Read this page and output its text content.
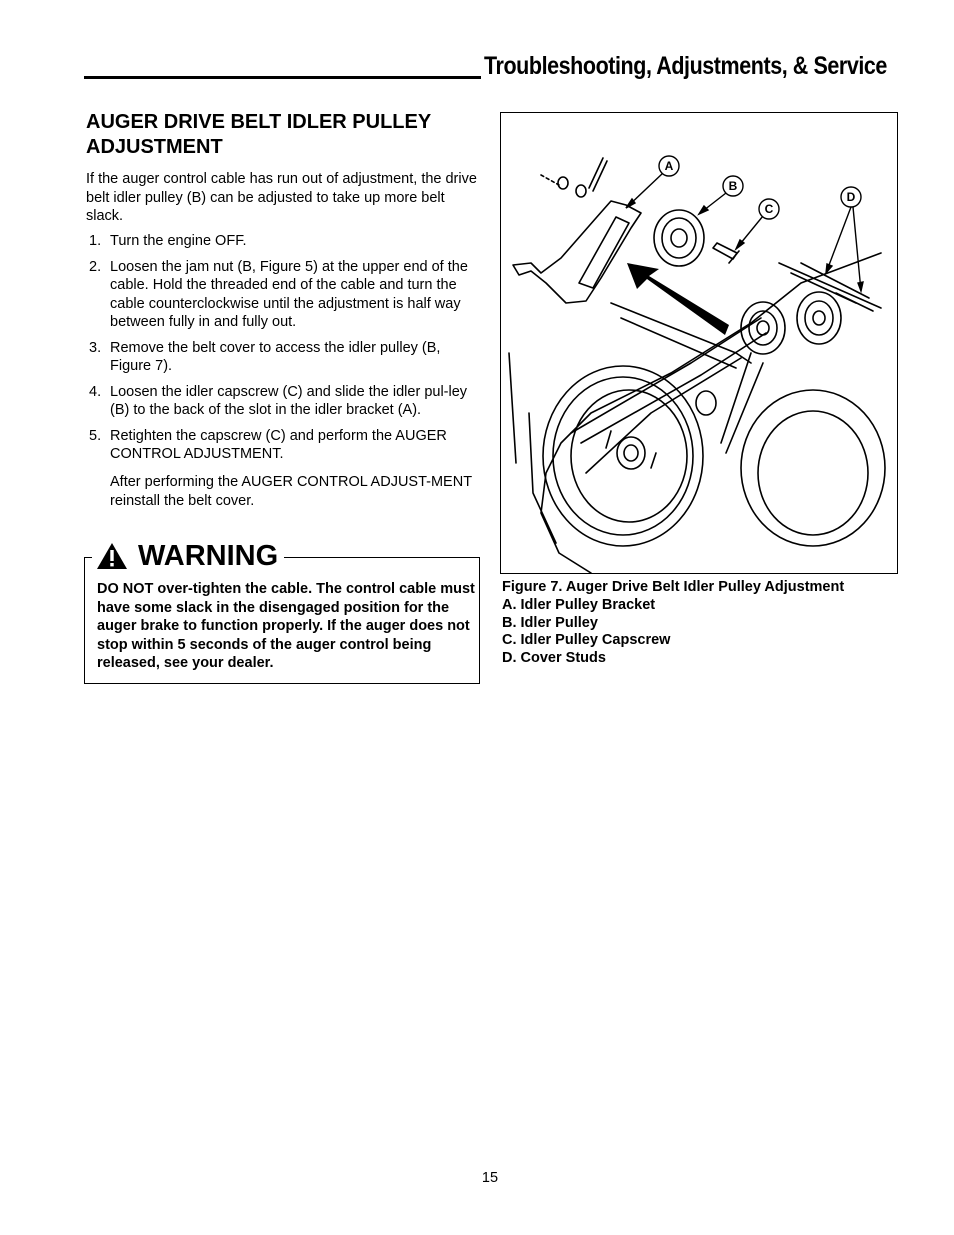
Troubleshooting, Adjustments, & Service
AUGER DRIVE BELT IDLER PULLEY ADJUSTMENT
If the auger control cable has run out of adjustment, the drive belt idler pulley (B) can be adjusted to take up more belt slack.
1. Turn the engine OFF.
2. Loosen the jam nut (B, Figure 5) at the upper end of the cable. Hold the threaded end of the cable and turn the cable counterclockwise until the adjustment is half way between fully in and fully out.
3. Remove the belt cover to access the idler pulley (B, Figure 7).
4. Loosen the idler capscrew (C) and slide the idler pul-ley (B) to the back of the slot in the idler bracket (A).
5. Retighten the capscrew (C) and perform the AUGER CONTROL ADJUSTMENT.
After performing the AUGER CONTROL ADJUST-MENT reinstall the belt cover.
WARNING
DO NOT over-tighten the cable. The control cable must have some slack in the disengaged position for the auger brake to function properly. If the auger does not stop within 5 seconds of the auger control being released, see your dealer.
A
B
C
D
Figure 7. Auger Drive Belt Idler Pulley Adjustment
A. Idler Pulley Bracket
B. Idler Pulley
C. Idler Pulley Capscrew
D. Cover Studs
15
